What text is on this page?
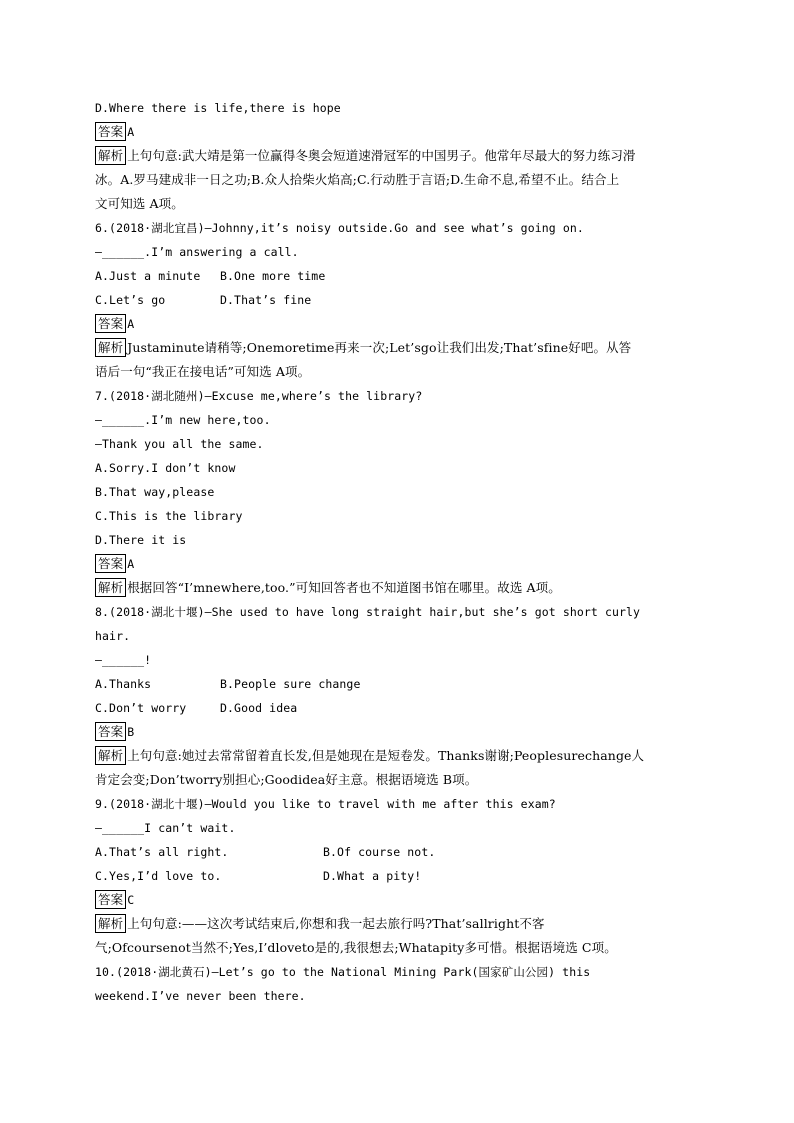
D.Where there is life,there is hope
答案 A
解析 上句句意:武大靖是第一位赢得冬奥会短道速滑冠军的中国男子。他常年尽最大的努力练习滑
冰。A.罗马建成非一日之功;B.众人拾柴火焰高;C.行动胜于言语;D.生命不息,希望不止。结合上
文可知选 A项。
6.(2018·湖北宜昌)—Johnny,it’s noisy outside.Go and see what’s going on.
—______.I’m answering a call.
A.Just a minute B.One more time
C.Let’s go	D.That’s fine
答案 A
解析 Justaminute请稍等;Onemoretime再来一次;Let’sgo让我们出发;That’sfine好吧。从答
语后一句“我正在接电话”可知选 A项。
7.(2018·湖北随州)—Excuse me,where’s the library?
—______.I’m new here,too.
—Thank you all the same.
A.Sorry.I don’t know
B.That way,please
C.This is the library
D.There it is
答案 A
解析 根据回答“I’mnewhere,too.”可知回答者也不知道图书馆在哪里。故选 A项。
8.(2018·湖北十堰)—She used to have long straight hair,but she’s got short curly
hair.
—______!
A.Thanks	B.People sure change
C.Don’t worry	D.Good idea
答案 B
解析 上句句意:她过去常常留着直长发,但是她现在是短卷发。Thanks谢谢;Peoplesurechange人
肯定会变;Don’tworry别担心;Goodidea好主意。根据语境选 B项。
9.(2018·湖北十堰)—Would you like to travel with me after this exam?
—______I can’t wait.
A.That’s all right.	B.Of course not.
C.Yes,I’d love to.	D.What a pity!
答案 C
解析 上句句意:——这次考试结束后,你想和我一起去旅行吗?That’sallright不客
气;Ofcoursenot当然不;Yes,I’dloveto是的,我很想去;Whatapity多可惜。根据语境选 C项。
10.(2018·湖北黄石)—Let’s go to the National Mining Park(国家矿山公园) this
weekend.I’ve never been there.
